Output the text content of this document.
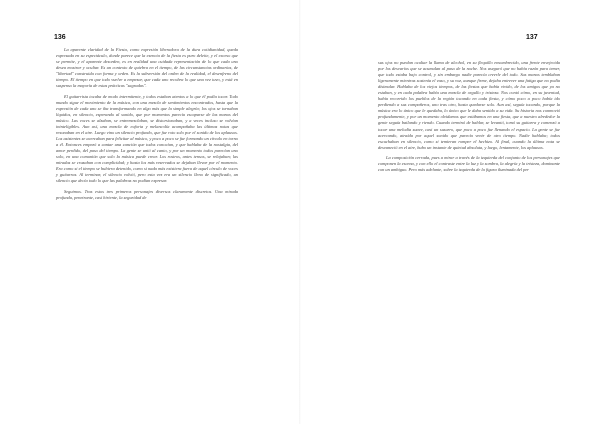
136

La aparente claridad de la Fiesta, como expresión liberadora de la dura cotidianidad, queda expresada en su espectáculo, donde parece que la esencia de la fiesta es puro deleite, y el exceso que se permite, y el aparente desorden, es en realidad una cuidada representación de lo que cada uno desea mostrar y ocultar. Es un contexto de quiebra en el tiempo, de las circunstancias ordinarias, de "libertad" construida con forma y orden. Es la subversión del orden de la realidad, el desenfreno del tiempo. El tiempo en que todo vuelve a empezar, que cada uno recobra lo que una vez tuvo, y está en suspenso la mayoría de estas prácticas "sagradas".

El guitarrista tocaba de modo intermitente, y todos estaban atentos a lo que él podía tocar. Todo mundo sigue el movimiento de la música, con una mezcla de sentimientos encontrados, hasta que la expresión de cada uno se iba transformando en algo más que la simple alegría; los ojos se tornaban líquidos, en silencio, esperando al sonido, que por momentos parecía escaparse de las manos del músico. Las voces se alzaban, se entremezclaban, se distorsionaban, y a veces incluso se volvían ininteligibles. Aun así, una mezcla de euforia y melancolía acompañaba las últimas notas que resonaban en el aire. Luego vino un silencio profundo, que fue roto solo por el sonido de los aplausos. Los asistentes se acercaban para felicitar al músico, y poco a poco se fue formando un círculo en torno a él. Entonces empezó a cantar una canción que todos conocían, y que hablaba de la nostalgia, del amor perdido, del paso del tiempo. La gente se unió al canto, y por un momento todos parecían uno solo, en una comunión que solo la música puede crear. Los rostros, antes tensos, se relajaban; las miradas se cruzaban con complicidad; y hasta los más reservados se dejaban llevar por el momento. Era como si el tiempo se hubiera detenido, como si nada más existiera fuera de aquel círculo de voces y guitarras. Al terminar, el silencio volvió, pero esta vez era un silencio lleno de significado, un silencio que decía todo lo que las palabras no podían expresar.

Seguimos. Tras estos tres primeros personajes diversos claramente discretos. Una mirada profunda, penetrante, casi hiriente, la seguridad de

137

sus ojos no puedan ocultar la llama de alcohol, en su flequillo ensombrecido, una frente envejecida por los desvaríos que se acumulan al paso de la noche. Nos aseguró que no había razón para temer, que todo estaba bajo control, y sin embargo nadie parecía creerle del todo. Sus manos temblaban ligeramente mientras sostenía el vaso, y su voz, aunque firme, dejaba entrever una fatiga que no podía disimular. Hablaba de los viejos tiempos, de las fiestas que había vivido, de los amigos que ya no estaban, y en cada palabra había una mezcla de orgullo y tristeza. Nos contó cómo, en su juventud, había recorrido los pueblos de la región tocando en cada fiesta, y cómo poco a poco había ido perdiendo a sus compañeros, uno tras otro, hasta quedarse solo. Aun así, seguía tocando, porque la música era lo único que le quedaba, lo único que le daba sentido a su vida. Su historia nos conmovió profundamente, y por un momento olvidamos que estábamos en una fiesta, que a nuestro alrededor la gente seguía bailando y riendo. Cuando terminó de hablar, se levantó, tomó su guitarra y comenzó a tocar una melodía suave, casi un susurro, que poco a poco fue llenando el espacio. La gente se fue acercando, atraída por aquel sonido que parecía venir de otro tiempo. Nadie hablaba; todos escuchaban en silencio, como si temieran romper el hechizo. Al final, cuando la última nota se desvaneció en el aire, hubo un instante de quietud absoluta, y luego, lentamente, los aplausos.

La composición cerrada, pues a mirar a través de la izquierda del conjunto de los personajes que componen la escena, y con ello el contraste entre la luz y la sombra, la alegría y la tristeza, dominante con un ambiguo. Pero más adelante, sobre la izquierda de la figura iluminada del per
